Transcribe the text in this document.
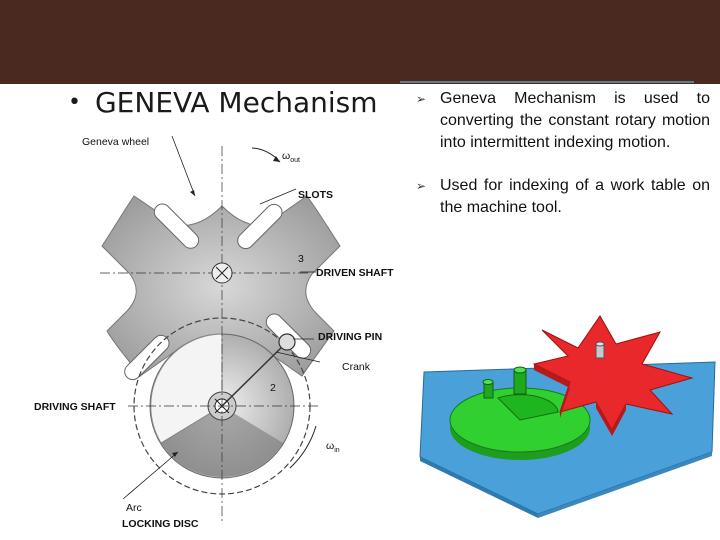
• GENEVA Mechanism
Geneva wheel
$\omega_{out}$
SLOTS
3
DRIVEN SHAFT
DRIVING PIN
Crank
2
DRIVING SHAFT
$\omega_{in}$
Arc
LOCKING DISC
➢ Geneva Mechanism is used to converting the constant rotary motion into intermittent indexing motion.
➢ Used for indexing of a work table on the machine tool.
